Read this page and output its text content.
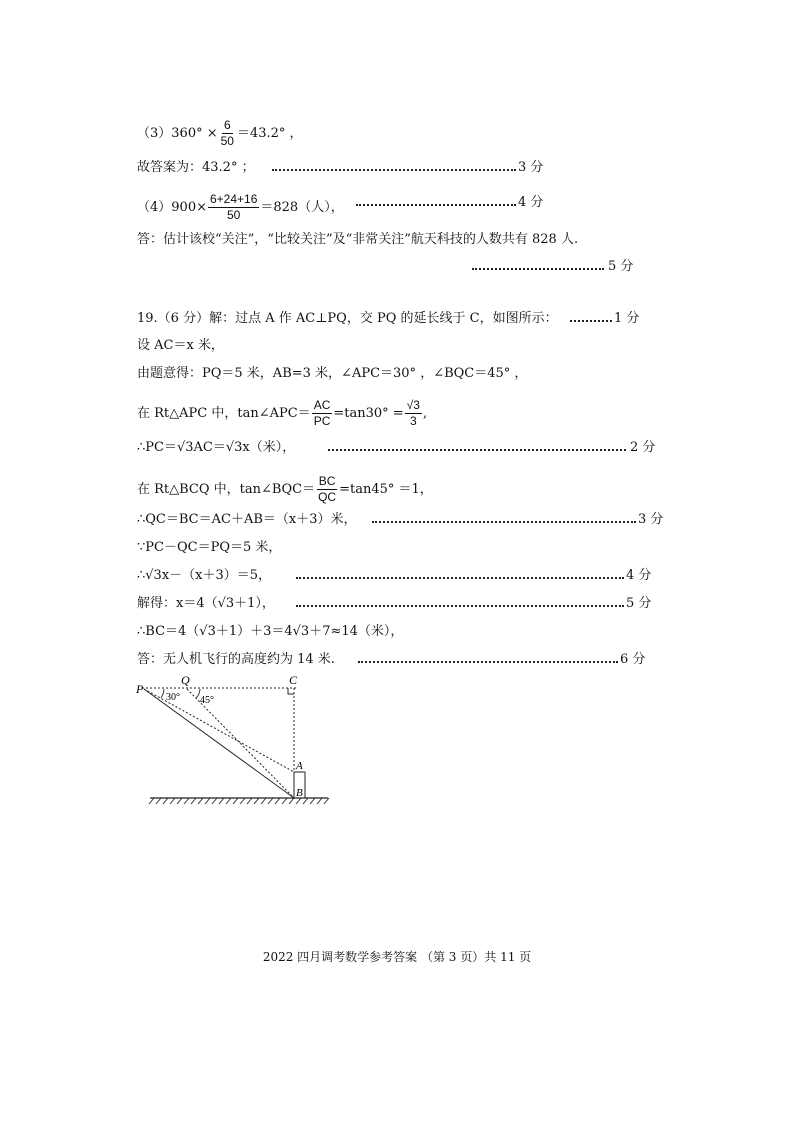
$(3)360^\circ \times \frac{6}{50} =43.2^\circ$ ，
故答案为：43.2° ；	3 分
$(4)900\times \frac{6+24+16}{50} =828$（人），	4 分
答：估计该校“关注”，“比较关注”及“非常关注”航天科技的人数共有 828 人.
5 分
19.（6 分）解：过点 A 作 AC⊥PQ，交 PQ 的延长线于 C，如图所示：	1 分
设 AC＝x 米，
由题意得：PQ＝5 米，AB=3 米，∠APC＝30° ，∠BQC＝45° ，
在 Rt△APC 中，tan∠APC＝ $\frac{AC}{PC} =\tan 30^\circ = \frac{√3}{3}$ ,
∴PC＝√3AC＝√3x（米），	2 分
在 Rt△BCQ 中，tan∠BQC＝ $\frac{BC}{QC} =\tan 45^\circ =1$，
∴QC＝BC＝AC＋AB＝（x＋3）米，	3 分
∵PC－QC＝PQ＝5 米，
∴√3x－（x＋3）＝5，	4 分
解得：x＝4（√3＋1），	5 分
∴BC＝4（√3＋1）＋3＝4√3＋7≈14（米），
答：无人机飞行的高度约为 14 米.	6 分
P
Q	C
A
B
30° 45°
2022 四月调考数学参考答案 （第 3 页）共 11 页
